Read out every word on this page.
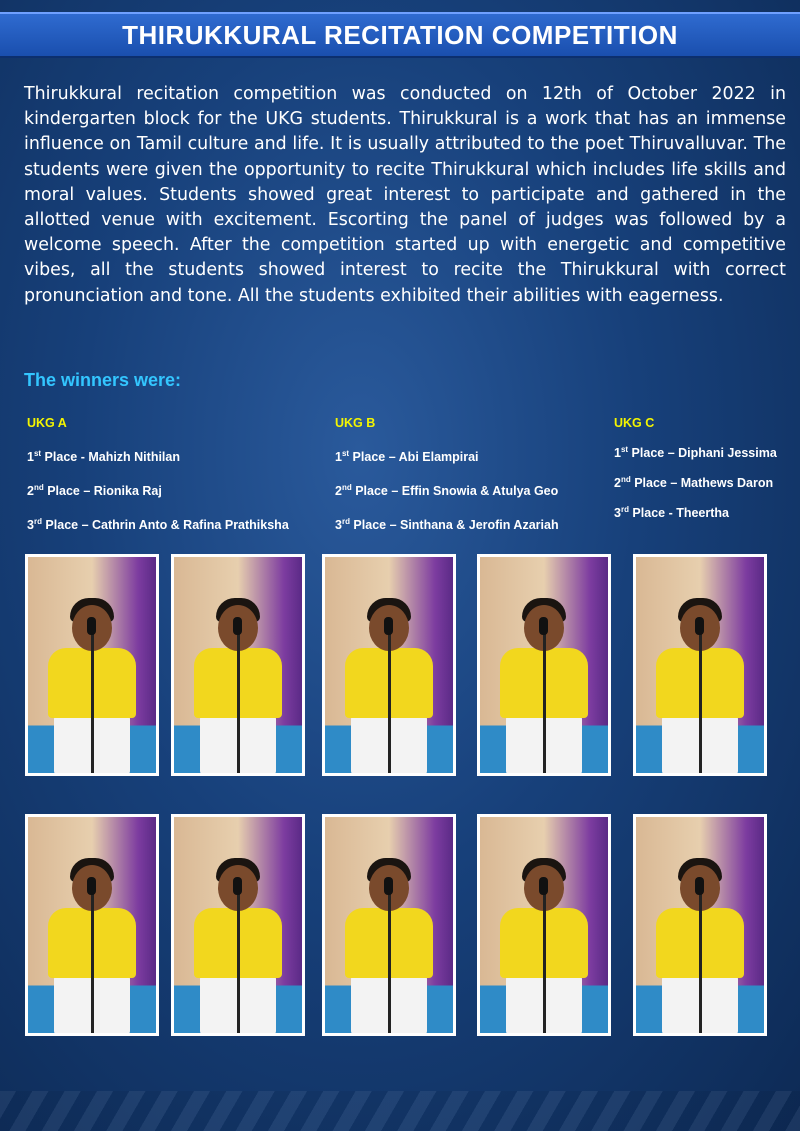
THIRUKKURAL RECITATION COMPETITION

Thirukkural recitation competition was conducted on 12th of October 2022 in kindergarten block for the UKG students. Thirukkural is a work that has an immense influence on Tamil culture and life. It is usually attributed to the poet Thiruvalluvar. The students were given the opportunity to recite Thirukkural which includes life skills and moral values. Students showed great interest to participate and gathered in the allotted venue with excitement. Escorting the panel of judges was followed by a welcome speech. After the competition started up with energetic and competitive vibes, all the students showed interest to recite the Thirukkural with correct pronunciation and tone. All the students exhibited their abilities with eagerness.

The winners were:

UKG A

1st Place - Mahizh Nithilan

2nd Place – Rionika Raj

3rd Place – Cathrin Anto & Rafina Prathiksha

UKG B

1st Place – Abi Elampirai

2nd Place – Effin Snowia & Atulya Geo

3rd Place – Sinthana & Jerofin Azariah

UKG C

1st Place – Diphani Jessima

2nd Place – Mathews Daron

3rd Place - Theertha
